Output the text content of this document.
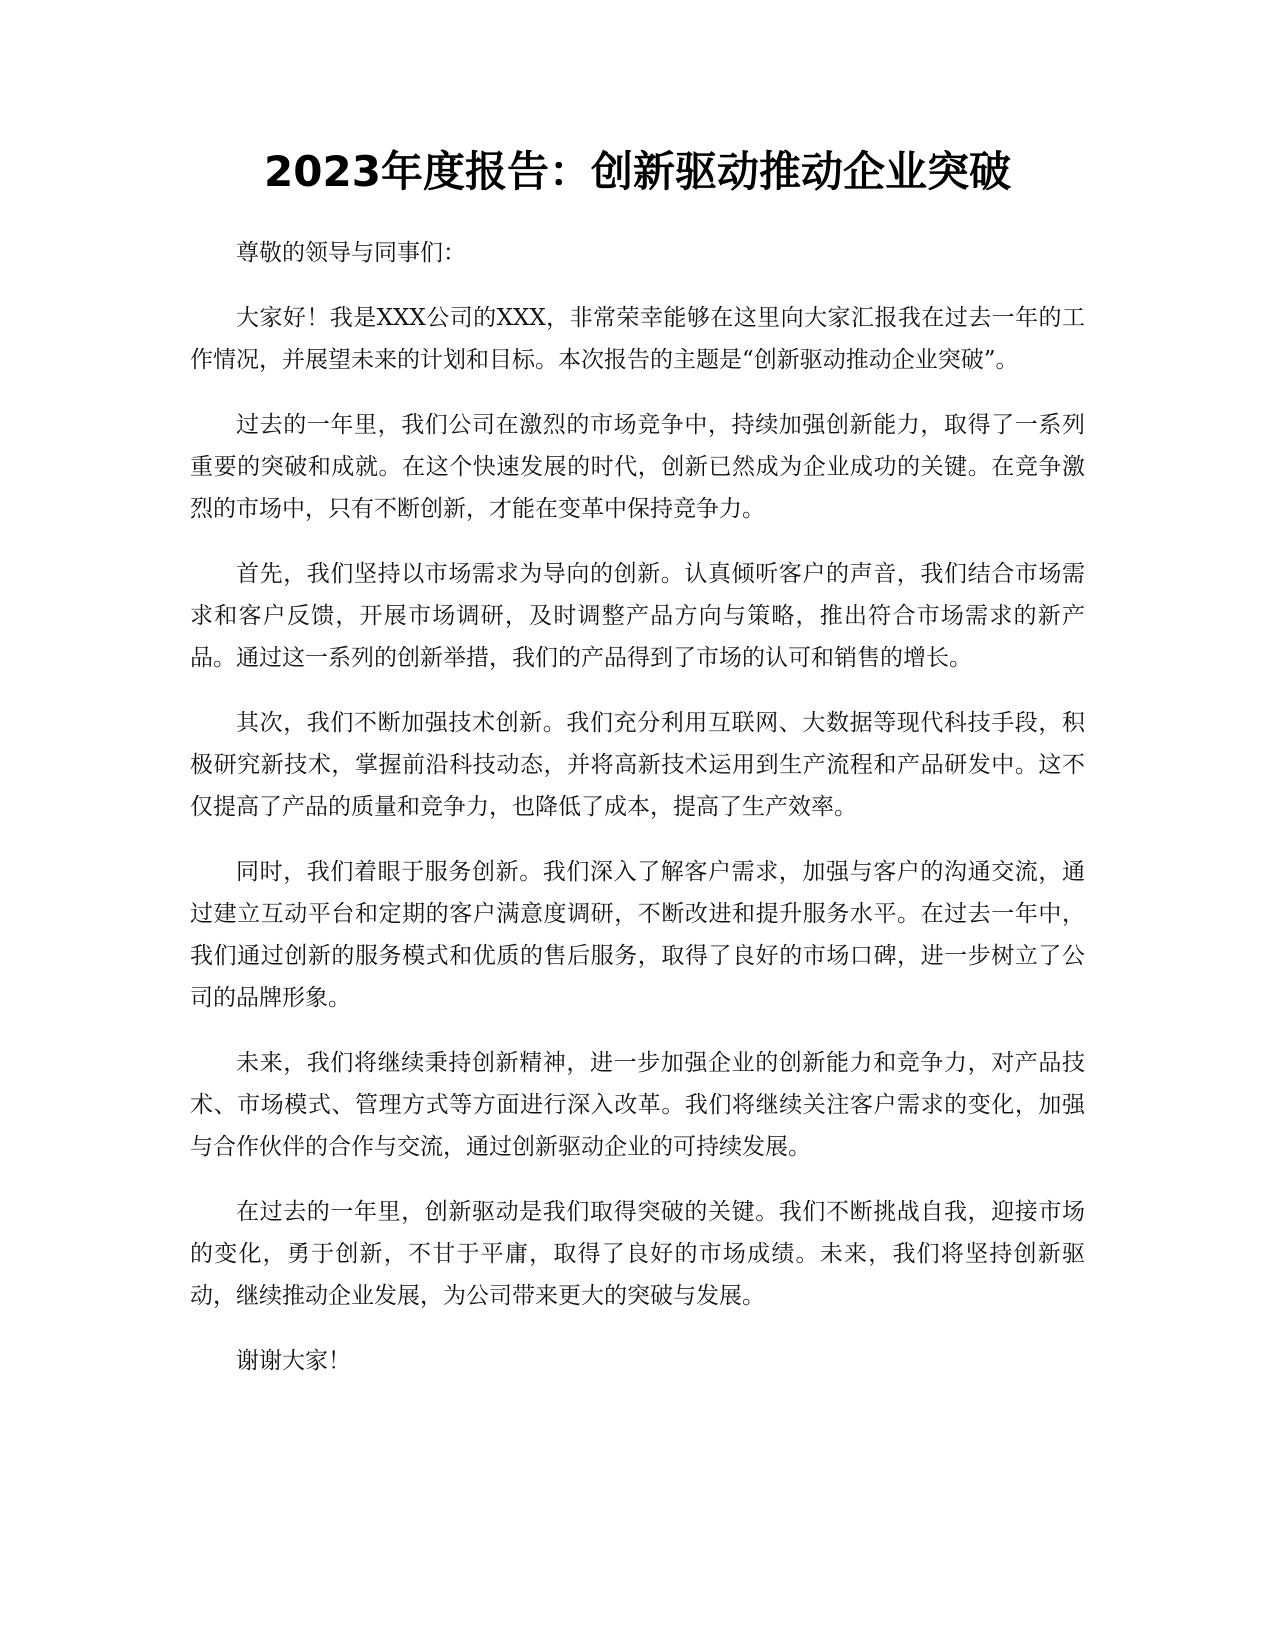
2023年度报告：创新驱动推动企业突破

尊敬的领导与同事们：

大家好！我是XXX公司的XXX，非常荣幸能够在这里向大家汇报我在过去一年的工作情况，并展望未来的计划和目标。本次报告的主题是“创新驱动推动企业突破”。

过去的一年里，我们公司在激烈的市场竞争中，持续加强创新能力，取得了一系列重要的突破和成就。在这个快速发展的时代，创新已然成为企业成功的关键。在竞争激烈的市场中，只有不断创新，才能在变革中保持竞争力。

首先，我们坚持以市场需求为导向的创新。认真倾听客户的声音，我们结合市场需求和客户反馈，开展市场调研，及时调整产品方向与策略，推出符合市场需求的新产品。通过这一系列的创新举措，我们的产品得到了市场的认可和销售的增长。

其次，我们不断加强技术创新。我们充分利用互联网、大数据等现代科技手段，积极研究新技术，掌握前沿科技动态，并将高新技术运用到生产流程和产品研发中。这不仅提高了产品的质量和竞争力，也降低了成本，提高了生产效率。

同时，我们着眼于服务创新。我们深入了解客户需求，加强与客户的沟通交流，通过建立互动平台和定期的客户满意度调研，不断改进和提升服务水平。在过去一年中，我们通过创新的服务模式和优质的售后服务，取得了良好的市场口碑，进一步树立了公司的品牌形象。

未来，我们将继续秉持创新精神，进一步加强企业的创新能力和竞争力，对产品技术、市场模式、管理方式等方面进行深入改革。我们将继续关注客户需求的变化，加强与合作伙伴的合作与交流，通过创新驱动企业的可持续发展。

在过去的一年里，创新驱动是我们取得突破的关键。我们不断挑战自我，迎接市场的变化，勇于创新，不甘于平庸，取得了良好的市场成绩。未来，我们将坚持创新驱动，继续推动企业发展，为公司带来更大的突破与发展。

谢谢大家！
